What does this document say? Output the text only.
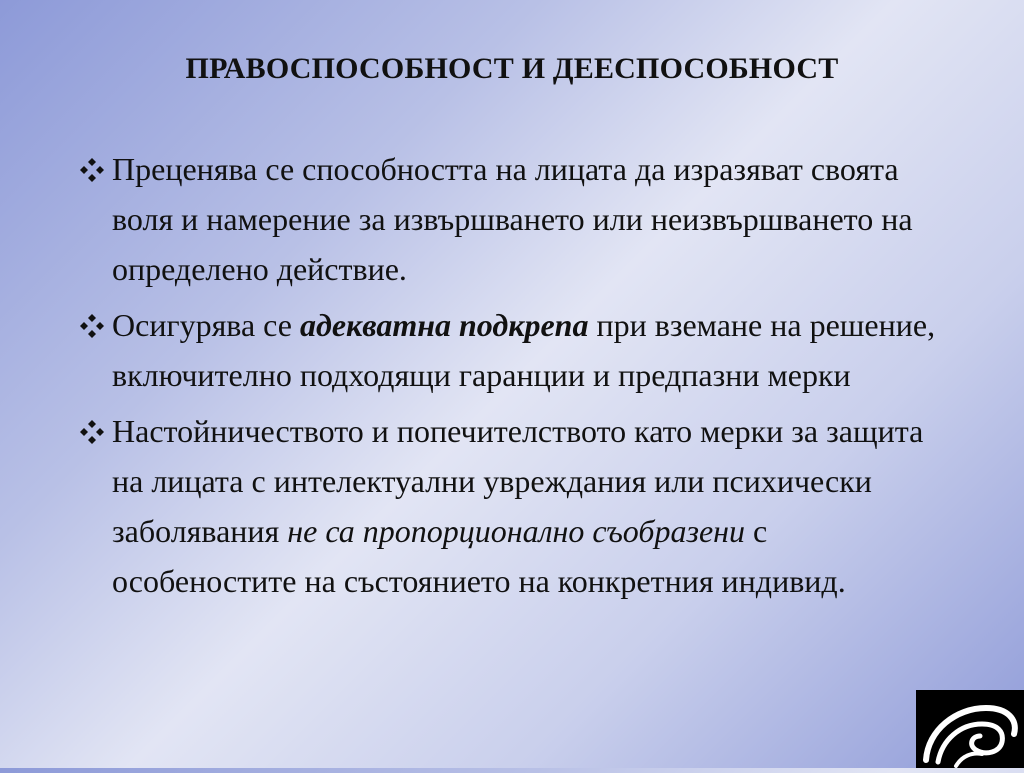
ПРАВОСПОСОБНОСТ И ДЕЕСПОСОБНОСТ
Преценява се способността на лицата да изразяват своята воля и намерение за извършването или неизвършването на определено действие.
Осигурява се адекватна подкрепа при вземане на решение, включително подходящи гаранции и предпазни мерки
Настойничеството и попечителството като мерки за защита на лицата с интелектуални увреждания или психически заболявания не са пропорционално съобразени с особеностите на състоянието на конкретния индивид.
